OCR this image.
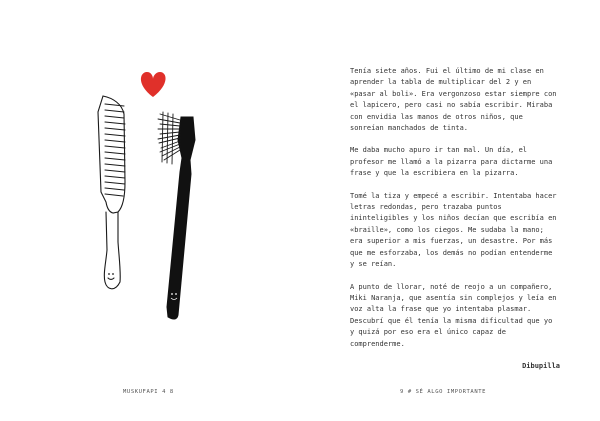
Tenía siete años. Fui el último de mi clase en aprender la tabla de multiplicar del 2 y en «pasar al boli». Era vergonzoso estar siempre con el lapicero, pero casi no sabía escribir. Miraba con envidia las manos de otros niños, que sonreían manchados de tinta.

Me daba mucho apuro ir tan mal. Un día, el profesor me llamó a la pizarra para dictarme una frase y que la escribiera en la pizarra.

Tomé la tiza y empecé a escribir. Intentaba hacer letras redondas, pero trazaba puntos ininteligibles y los niños decían que escribía en «braille», como los ciegos. Me sudaba la mano; era superior a mis fuerzas, un desastre. Por más que me esforzaba, los demás no podían entenderme y se reían.

A punto de llorar, noté de reojo a un compañero, Miki Naranja, que asentía sin complejos y leía en voz alta la frase que yo intentaba plasmar. Descubrí que él tenía la misma dificultad que yo y quizá por eso era el único capaz de comprenderme.

Dibupilla
MUSKUFAPI 4 8	9 # SÉ ALGO IMPORTANTE
